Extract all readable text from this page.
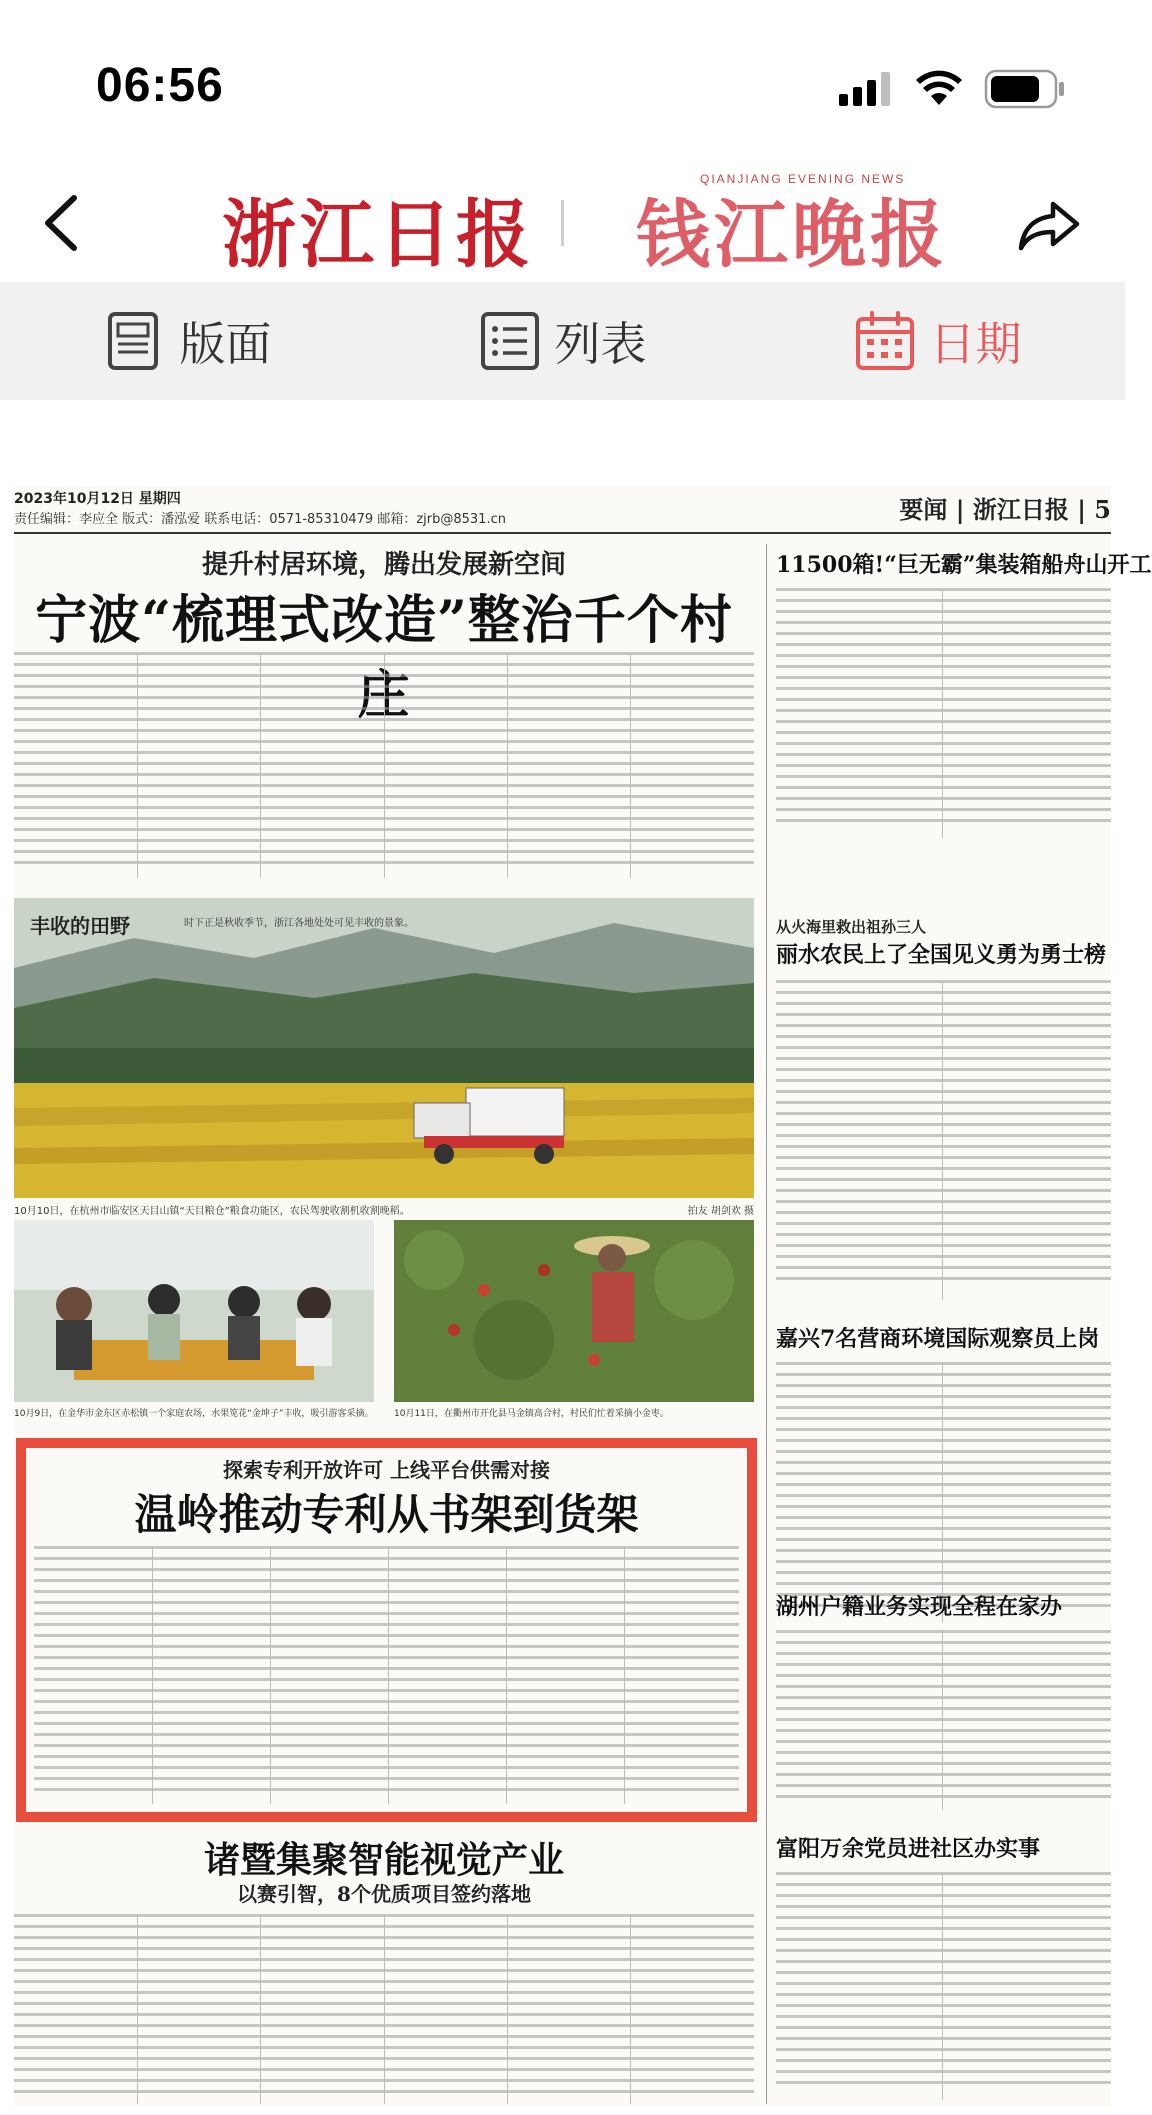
06:56
浙江日报
QIANJIANG EVENING NEWS
钱江晚报
版面	列表	日期
2023年10月12日 星期四
责任编辑：李应全 版式：潘泓爱 联系电话：0571-85310479 邮箱：zjrb@8531.cn	要闻 | 浙江日报 | 5
提升村居环境，腾出发展新空间
宁波“梳理式改造”整治千个村
丰收的田野	时下正是秋收季节，浙江各地处处可见丰收的景象。
10月10日，在杭州市临安区天目山镇“天目粮仓”粮食功能区，农民驾驶收割机收割晚稻。	拍友 胡剑欢 摄
10月9日，在金华市金东区赤松镇一个家庭农场，水果笕花“金坤子”丰收，吸引游客采摘。 10月11日，在衢州市开化县马金镇高合村，村民们忙着采摘小金枣。
探索专利开放许可 上线平台供需对接
温岭推动专利从书架到货架
诸暨集聚智能视觉产业
以赛引智，8个优质项目签约落地
11500箱!“巨无霸”集装箱船舟山开工
从火海里救出祖孙三人
丽水农民上了全国见义勇为勇士榜
嘉兴7名营商环境国际观察员上岗
湖州户籍业务实现全程在家办
富阳万余党员进社区办实事
